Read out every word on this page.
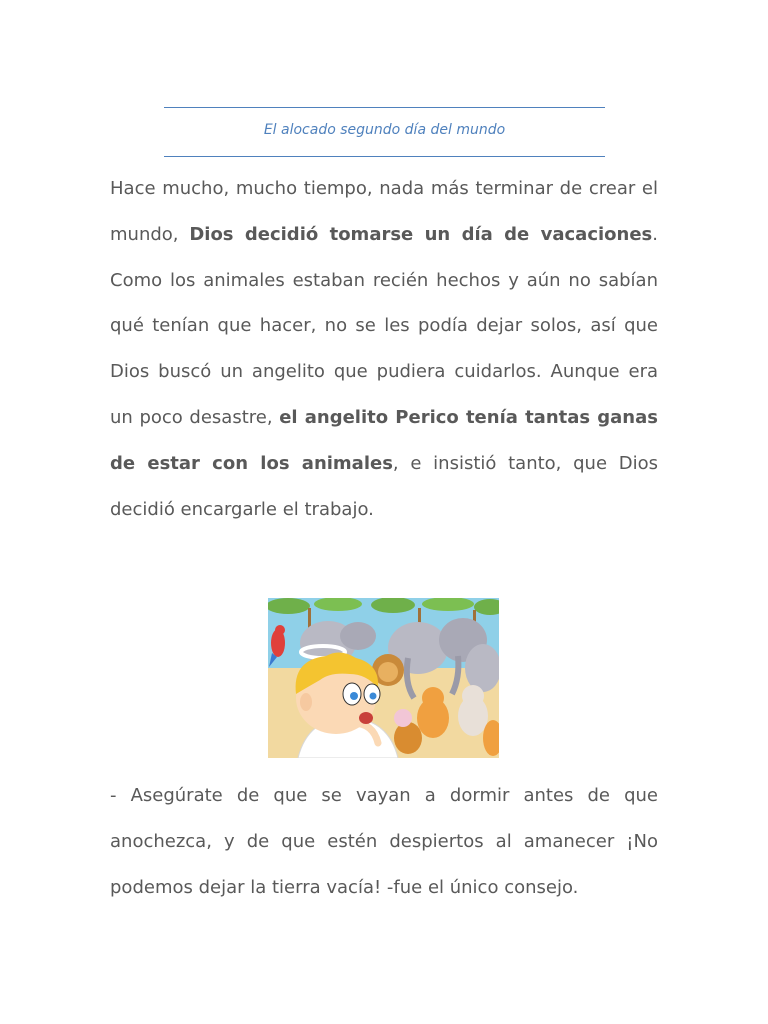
El alocado segundo día del mundo

Hace mucho, mucho tiempo, nada más terminar de crear el mundo, Dios decidió tomarse un día de vacaciones. Como los animales estaban recién hechos y aún no sabían qué tenían que hacer, no se les podía dejar solos, así que Dios buscó un angelito que pudiera cuidarlos. Aunque era un poco desastre, el angelito Perico tenía tantas ganas de estar con los animales, e insistió tanto, que Dios decidió encargarle el trabajo.

- Asegúrate de que se vayan a dormir antes de que anochezca, y de que estén despiertos al amanecer ¡No podemos dejar la tierra vacía! -fue el único consejo.
